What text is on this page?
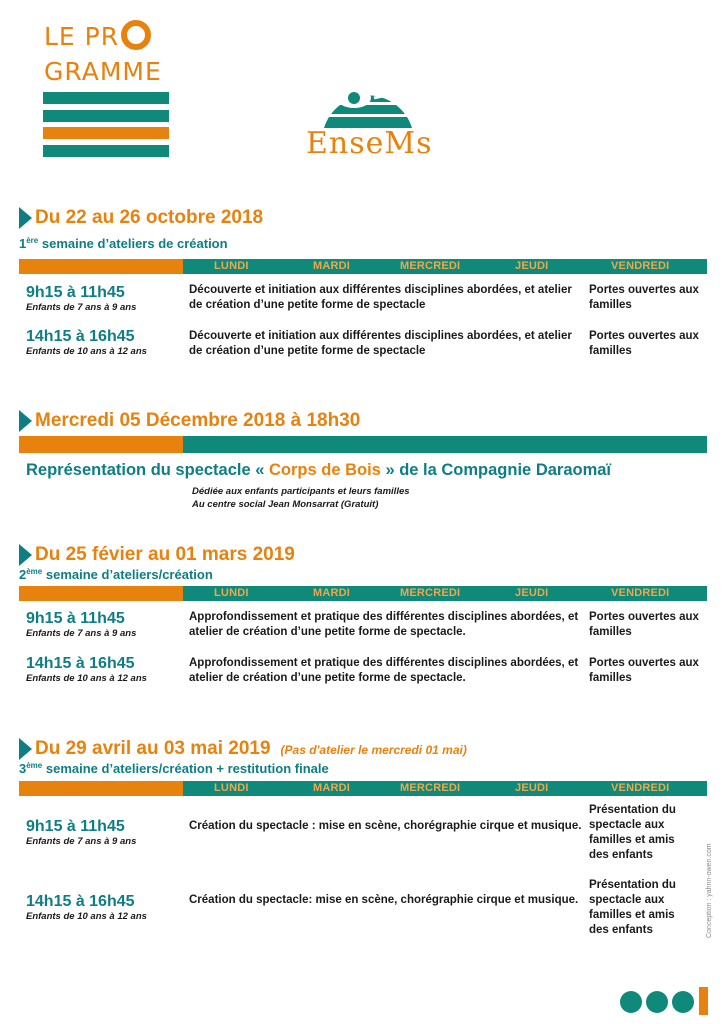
LE PR
GRAMME
EnseMs
Du 22 au 26 octobre 2018
1ère semaine d’ateliers de création
LUNDI	MARDI	MERCREDI	JEUDI	VENDREDI
9h15 à 11h45
Enfants de 7 ans à 9 ans
Découverte et initiation aux différentes disciplines abordées, et atelier de création d’une petite forme de spectacle
Portes ouvertes aux familles
14h15 à 16h45
Enfants de 10 ans à 12 ans
Découverte et initiation aux différentes disciplines abordées, et atelier de création d’une petite forme de spectacle
Portes ouvertes aux familles
Mercredi 05 Décembre 2018 à 18h30
Représentation du spectacle « Corps de Bois » de la Compagnie Daraomaï
Dédiée aux enfants participants et leurs familles
Au centre social Jean Monsarrat (Gratuit)
Du 25 févier au 01 mars 2019
2ème semaine d’ateliers/création
LUNDI	MARDI	MERCREDI	JEUDI	VENDREDI
9h15 à 11h45
Enfants de 7 ans à 9 ans
Approfondissement et pratique des différentes disciplines abordées, et atelier de création d’une petite forme de spectacle.
Portes ouvertes aux familles
14h15 à 16h45
Enfants de 10 ans à 12 ans
Approfondissement et pratique des différentes disciplines abordées, et atelier de création d’une petite forme de spectacle.
Portes ouvertes aux familles
Du 29 avril au 03 mai 2019 (Pas d'atelier le mercredi 01 mai)
3ème semaine d’ateliers/création + restitution finale
LUNDI	MARDI	MERCREDI	JEUDI	VENDREDI
9h15 à 11h45
Enfants de 7 ans à 9 ans
Création du spectacle : mise en scène, chorégraphie cirque et musique.
Présentation du spectacle aux familles et amis des enfants
14h15 à 16h45
Enfants de 10 ans à 12 ans
Création du spectacle: mise en scène, chorégraphie cirque et musique.
Présentation du spectacle aux familles et amis des enfants	Conception : yahnn-owen.com
